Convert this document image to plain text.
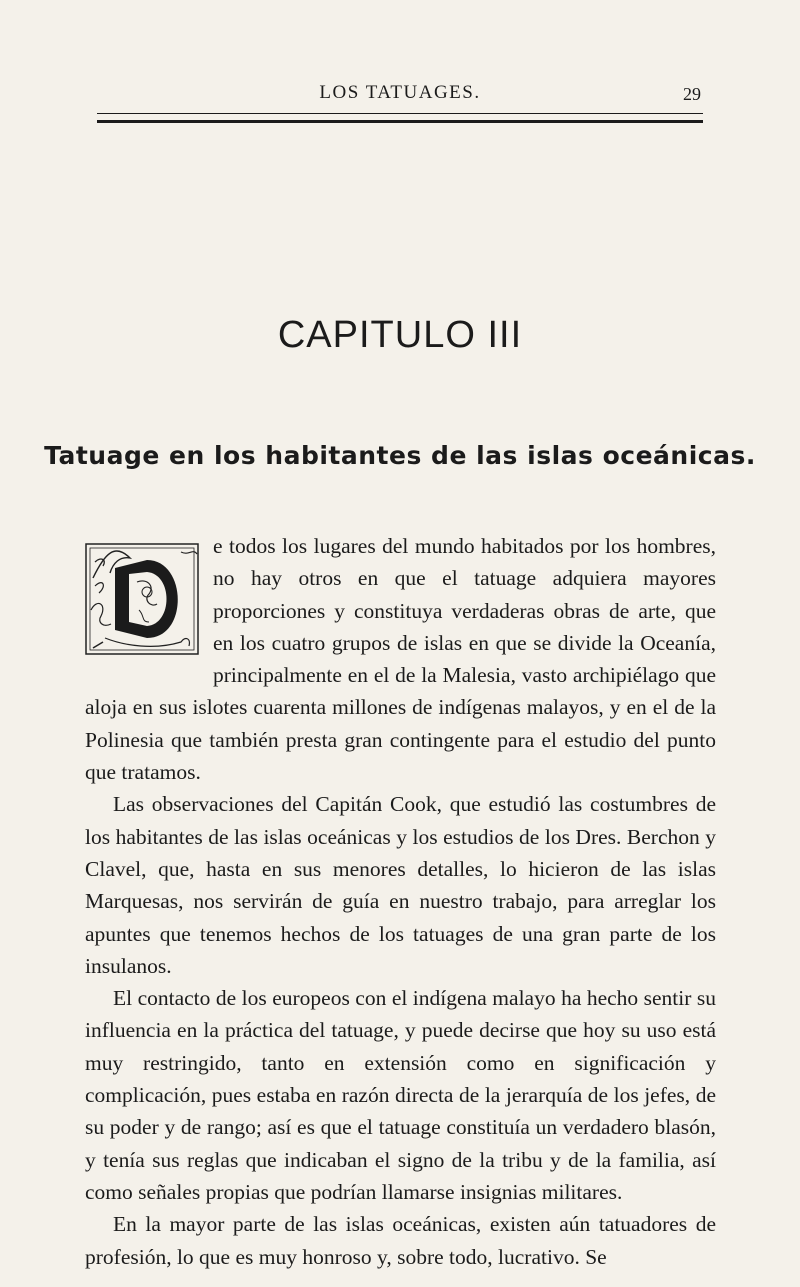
LOS TATUAGES.	29
CAPITULO III
Tatuage en los habitantes de las islas oceánicas.

e todos los lugares del mundo habitados por los hombres, no hay otros en que el tatuage adquiera mayores proporciones y constituya verdaderas obras de arte, que en los cuatro grupos de islas en que se divide la Oceanía, principalmente en el de la Malesia, vasto archipiélago que aloja en sus islotes cuarenta millones de indígenas malayos, y en el de la Polinesia que también presta gran contingente para el estudio del punto que tratamos.

Las observaciones del Capitán Cook, que estudió las costumbres de los habitantes de las islas oceánicas y los estudios de los Dres. Berchon y Clavel, que, hasta en sus menores detalles, lo hicieron de las islas Marquesas, nos servirán de guía en nuestro trabajo, para arreglar los apuntes que tenemos hechos de los tatuages de una gran parte de los insulanos.

El contacto de los europeos con el indígena malayo ha hecho sentir su influencia en la práctica del tatuage, y puede decirse que hoy su uso está muy restringido, tanto en extensión como en significación y complicación, pues estaba en razón directa de la jerarquía de los jefes, de su poder y de rango; así es que el tatuage constituía un verdadero blasón, y tenía sus reglas que indicaban el signo de la tribu y de la familia, así como señales propias que podrían llamarse insignias militares.

En la mayor parte de las islas oceánicas, existen aún tatuadores de profesión, lo que es muy honroso y, sobre todo, lucrativo. Se
